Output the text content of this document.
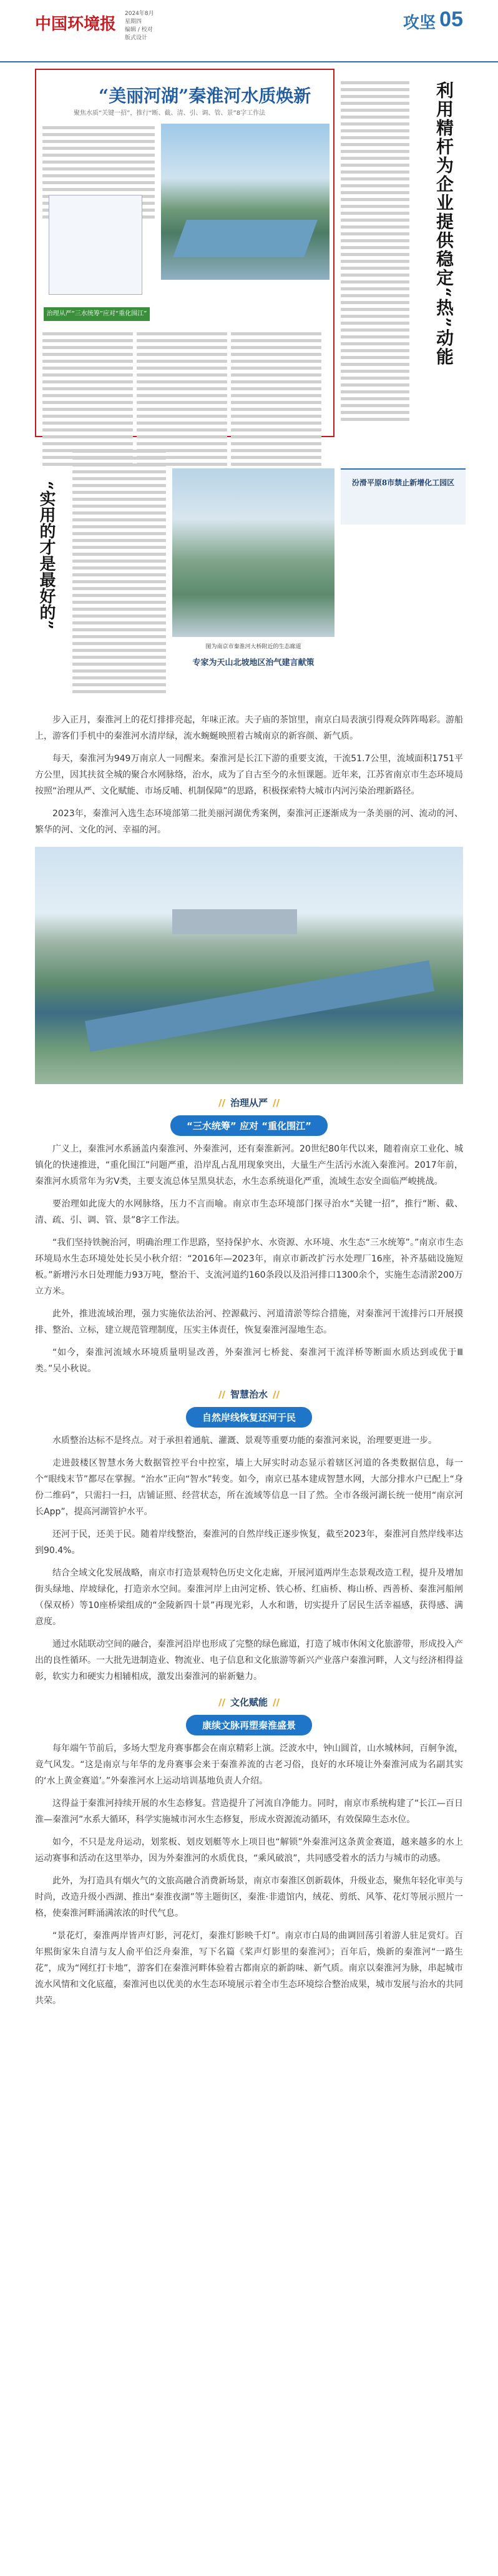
中国环境报
2024年8月
星期四
编辑 / 校对
版式设计
攻坚 05
“美丽河湖”秦淮河水质焕新
聚焦水质“关键一招”，推行“断、截、清、引、调、管、景”8字工作法
治理从严“三水统筹”应对“重化围江”	利用精杆为企业提供稳定“热”动能
“实用的才是最好的”
图为南京市秦淮河大桥附近的生态廊道
专家为天山北坡地区治气建言献策
汾滑平原8市禁止新增化工园区

步入正月，秦淮河上的花灯排排亮起，年味正浓。夫子庙的茶馆里，南京白局表演引得观众阵阵喝彩。游船上，游客们手机中的秦淮河水清岸绿，流水蜿蜒映照着古城南京的新容颜、新气质。

每天，秦淮河为949万南京人一同醒来。秦淮河是长江下游的重要支流，干流51.7公里，流域面积1751平方公里，因其扶贫全城的聚合水网脉络，治水，成为了自古至今的永恒课题。近年来，江苏省南京市生态环境局按照“治理从严、文化赋能、市场反哺、机制保障”的思路，积极探索特大城市内河污染治理新路径。

2023年，秦淮河入选生态环境部第二批美丽河湖优秀案例，秦淮河正逐渐成为一条美丽的河、流动的河、繁华的河、文化的河、幸福的河。

// 治理从严 //
“三水统筹” 应对 “重化围江”

广义上，秦淮河水系涵盖内秦淮河、外秦淮河，还有秦淮新河。20世纪80年代以来，随着南京工业化、城镇化的快速推进，“重化围江”问题严重，沿岸乱占乱用现象突出，大量生产生活污水流入秦淮河。2017年前，秦淮河水质常年为劣V类，主要支流总体呈黑臭状态，水生态系统退化严重，流域生态安全面临严峻挑战。

要治理如此庞大的水网脉络，压力不言而喻。南京市生态环境部门探寻治水“关键一招”，推行“断、截、清、疏、引、调、管、景”8字工作法。

“我们坚持铁腕治河，明确治理工作思路，坚持保护水、水资源、水环境、水生态“三水统筹”。”南京市生态环境局水生态环境处处长吴小秋介绍：“2016年—2023年，南京市新改扩污水处理厂16座，补齐基础设施短板。”新增污水日处理能力93万吨，整治干、支流河道约160条段以及沿河排口1300余个，实施生态清淤200万立方米。

此外，推进流域治理，强力实施依法治河、控源截污、河道清淤等综合措施，对秦淮河干流排污口开展摸排、整治、立标，建立规范管理制度，压实主体责任，恢复秦淮河湿地生态。

“如今，秦淮河流域水环境质量明显改善，外秦淮河七桥瓮、秦淮河干流洋桥等断面水质达到或优于Ⅲ类。”吴小秋说。

// 智慧治水 //
自然岸线恢复还河于民

水质整治达标不是终点。对于承担着通航、灌溉、景观等重要功能的秦淮河来说，治理要更进一步。

走进鼓楼区智慧水务大数据管控平台中控室，墙上大屏实时动态显示着辖区河道的各类数据信息，每一个“眼线末节”都尽在掌握。“治水”正向“智水”转变。如今，南京已基本建成智慧水网，大部分排水户已配上“身份二维码”，只需扫一扫，店铺证照、经营状态，所在流域等信息一目了然。全市各级河湖长统一使用“南京河长App”，提高河湖管护水平。

还河于民，还美于民。随着岸线整治，秦淮河的自然岸线正逐步恢复，截至2023年，秦淮河自然岸线率达到90.4%。

结合全域文化发展战略，南京市打造景观特色历史文化走廊，开展河道两岸生态景观改造工程，提升及增加街头绿地、岸坡绿化，打造亲水空间。秦淮河岸上由河定桥、铁心桥、红庙桥、梅山桥、西善桥、秦淮河船闸（保双桥）等10座桥梁组成的“金陵新四十景”再现光彩，人水和谐，切实提升了居民生活幸福感，获得感、满意度。

通过水陆联动空间的融合，秦淮河沿岸也形成了完整的绿色廊道，打造了城市休闲文化旅游带，形成投入产出的良性循环。一大批先进制造业、物流业、电子信息和文化旅游等新兴产业落户秦淮河畔，人文与经济相得益彰，软实力和硬实力相辅相成，激发出秦淮河的崭新魅力。

// 文化赋能 //
康续文脉再塑秦淮盛景

每年端午节前后，多场大型龙舟赛事都会在南京精彩上演。泛波水中，钟山圆首，山水城林间，百舸争流，竟气风发。“这是南京与年华的龙舟赛事会来于秦淮养流的古老习俗，良好的水环境让外秦淮河成为名副其实的‘水上黄金赛道’。”外秦淮河水上运动培训基地负责人介绍。

这得益于秦淮河持续开展的水生态修复。营造提升了河流自净能力。同时，南京市系统构建了“长江—百日淮—秦淮河”水系大循环，科学实施城市河水生态修复，形成水资源流动循环，有效保障生态水位。

如今，不只是龙舟运动，划浆板、划皮划艇等水上项目也“解锁”外秦淮河这条黄金赛道，越来越多的水上运动赛事和活动在这里举办，因为外秦淮河的水质优良，“乘风破浪”，共同感受着水的活力与城市的动感。

此外，为打造具有烟火气的文旅高融合消费新场景，南京市秦淮区创新载体，升级业态，聚焦年轻化审美与时尚，改造升级小西湖、推出“秦淮夜湖”等主题街区，秦淮·非遗馆内，绒花、剪纸、风筝、花灯等展示照片一格，使秦淮河畔涌满浓浓的时代气息。

“景花灯，秦淮两岸皆声灯影，河花灯，秦淮灯影映千灯”。南京市白局的曲调回荡引着游人驻足赏灯。百年熙街家朱自清与友人俞平伯泛舟秦淮，写下名篇《桨声灯影里的秦淮河》；百年后，焕新的秦淮河“一路生花”，成为“网红打卡地”，游客们在秦淮河畔体验着古都南京的新韵味、新气质。南京以秦淮河为脉，串起城市流水风情和文化底蕴，秦淮河也以优美的水生态环境展示着全市生态环境综合整治成果，城市发展与治水的共同共荣。
